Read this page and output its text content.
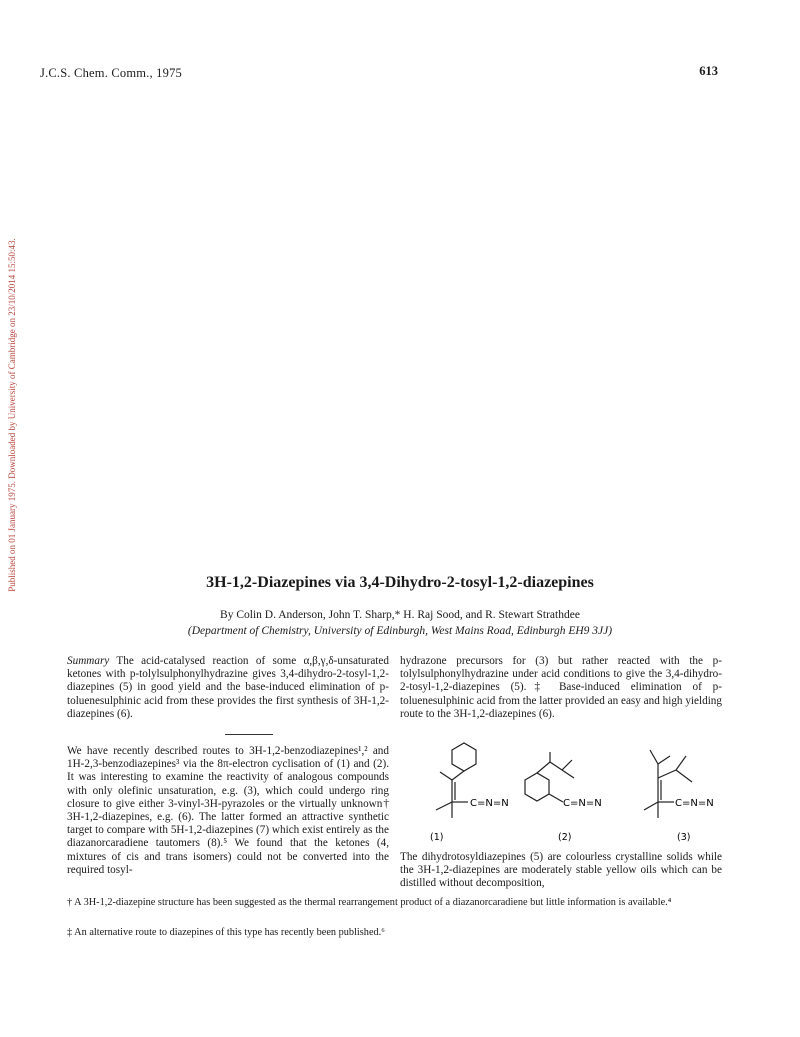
J.C.S. Chem. Comm., 1975	613
Published on 01 January 1975. Downloaded by University of Cambridge on 23/10/2014 15:50:43.	3H-1,2-Diazepines via 3,4-Dihydro-2-tosyl-1,2-diazepines
By Colin D. Anderson, John T. Sharp,* H. Raj Sood, and R. Stewart Strathdee
(Department of Chemistry, University of Edinburgh, West Mains Road, Edinburgh EH9 3JJ)
Summary The acid-catalysed reaction of some α,β,γ,δ-unsaturated ketones with p-tolylsulphonylhydrazine gives 3,4-dihydro-2-tosyl-1,2-diazepines (5) in good yield and the base-induced elimination of p-toluenesulphinic acid from these provides the first synthesis of 3H-1,2-diazepines (6).
hydrazone precursors for (3) but rather reacted with the p-tolylsulphonylhydrazine under acid conditions to give the 3,4-dihydro-2-tosyl-1,2-diazepines (5).‡ Base-induced elimination of p-toluenesulphinic acid from the latter provided an easy and high yielding route to the 3H-1,2-diazepines (6).
We have recently described routes to 3H-1,2-benzodiazepines¹,² and 1H-2,3-benzodiazepines³ via the 8π-electron cyclisation of (1) and (2). It was interesting to examine the reactivity of analogous compounds with only olefinic unsaturation, e.g. (3), which could undergo ring closure to give either 3-vinyl-3H-pyrazoles or the virtually unknown† 3H-1,2-diazepines, e.g. (6). The latter formed an attractive synthetic target to compare with 5H-1,2-diazepines (7) which exist entirely as the diazanorcaradiene tautomers (8).⁵ We found that the ketones (4, mixtures of cis and trans isomers) could not be converted into the required tosyl-
C=N=N
(1)
C=N=N
(2)
C=N=N
(3)
The dihydrotosyldiazepines (5) are colourless crystalline solids while the 3H-1,2-diazepines are moderately stable yellow oils which can be distilled without decomposition,
† A 3H-1,2-diazepine structure has been suggested as the thermal rearrangement product of a diazanorcaradiene but little information is available.⁴
‡ An alternative route to diazepines of this type has recently been published.⁶
